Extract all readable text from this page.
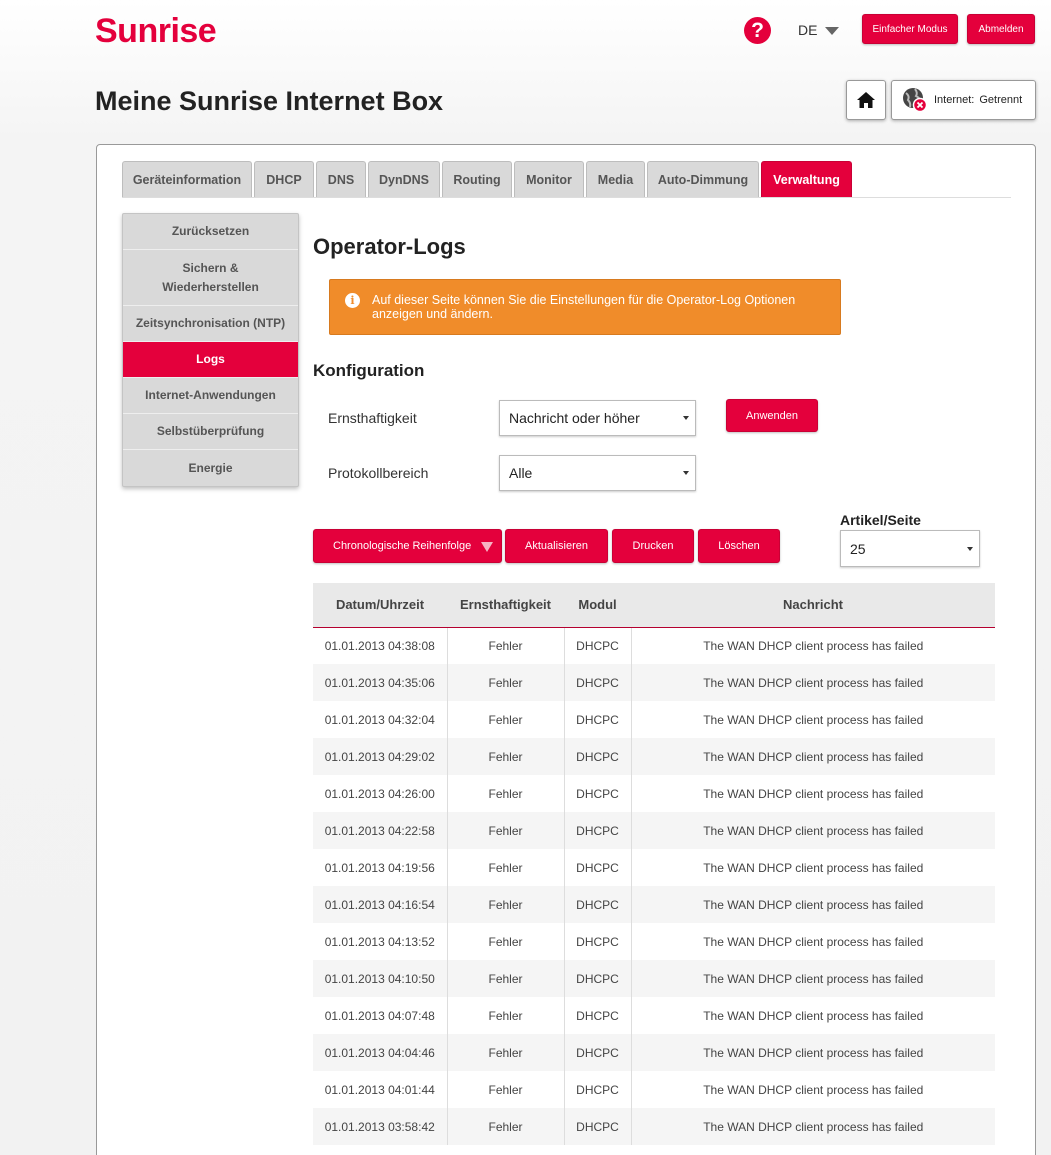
Sunrise	?	DE	Einfacher Modus	Abmelden
Meine Sunrise Internet Box	Internet: Getrennt
Geräteinformation	DHCP	DNS	DynDNS	Routing	Monitor	Media	Auto-Dimmung	Verwaltung
Zurücksetzen
Sichern & Wiederherstellen
Zeitsynchronisation (NTP)
Logs
Internet-Anwendungen
Selbstüberprüfung
Energie
Operator-Logs
Auf dieser Seite können Sie die Einstellungen für die Operator-Log Optionen anzeigen und ändern.
i
Konfiguration
Ernsthaftigkeit	Nachricht oder höher	Anwenden
Protokollbereich	Alle
Chronologische Reihenfolge	Aktualisieren	Drucken	Löschen
Artikel/Seite
25
Datum/Uhrzeit	Ernsthaftigkeit	Modul	Nachricht
01.01.2013 04:38:08	Fehler	DHCPC	The WAN DHCP client process has failed
01.01.2013 04:35:06	Fehler	DHCPC	The WAN DHCP client process has failed
01.01.2013 04:32:04	Fehler	DHCPC	The WAN DHCP client process has failed
01.01.2013 04:29:02	Fehler	DHCPC	The WAN DHCP client process has failed
01.01.2013 04:26:00	Fehler	DHCPC	The WAN DHCP client process has failed
01.01.2013 04:22:58	Fehler	DHCPC	The WAN DHCP client process has failed
01.01.2013 04:19:56	Fehler	DHCPC	The WAN DHCP client process has failed
01.01.2013 04:16:54	Fehler	DHCPC	The WAN DHCP client process has failed
01.01.2013 04:13:52	Fehler	DHCPC	The WAN DHCP client process has failed
01.01.2013 04:10:50	Fehler	DHCPC	The WAN DHCP client process has failed
01.01.2013 04:07:48	Fehler	DHCPC	The WAN DHCP client process has failed
01.01.2013 04:04:46	Fehler	DHCPC	The WAN DHCP client process has failed
01.01.2013 04:01:44	Fehler	DHCPC	The WAN DHCP client process has failed
01.01.2013 03:58:42	Fehler	DHCPC	The WAN DHCP client process has failed
